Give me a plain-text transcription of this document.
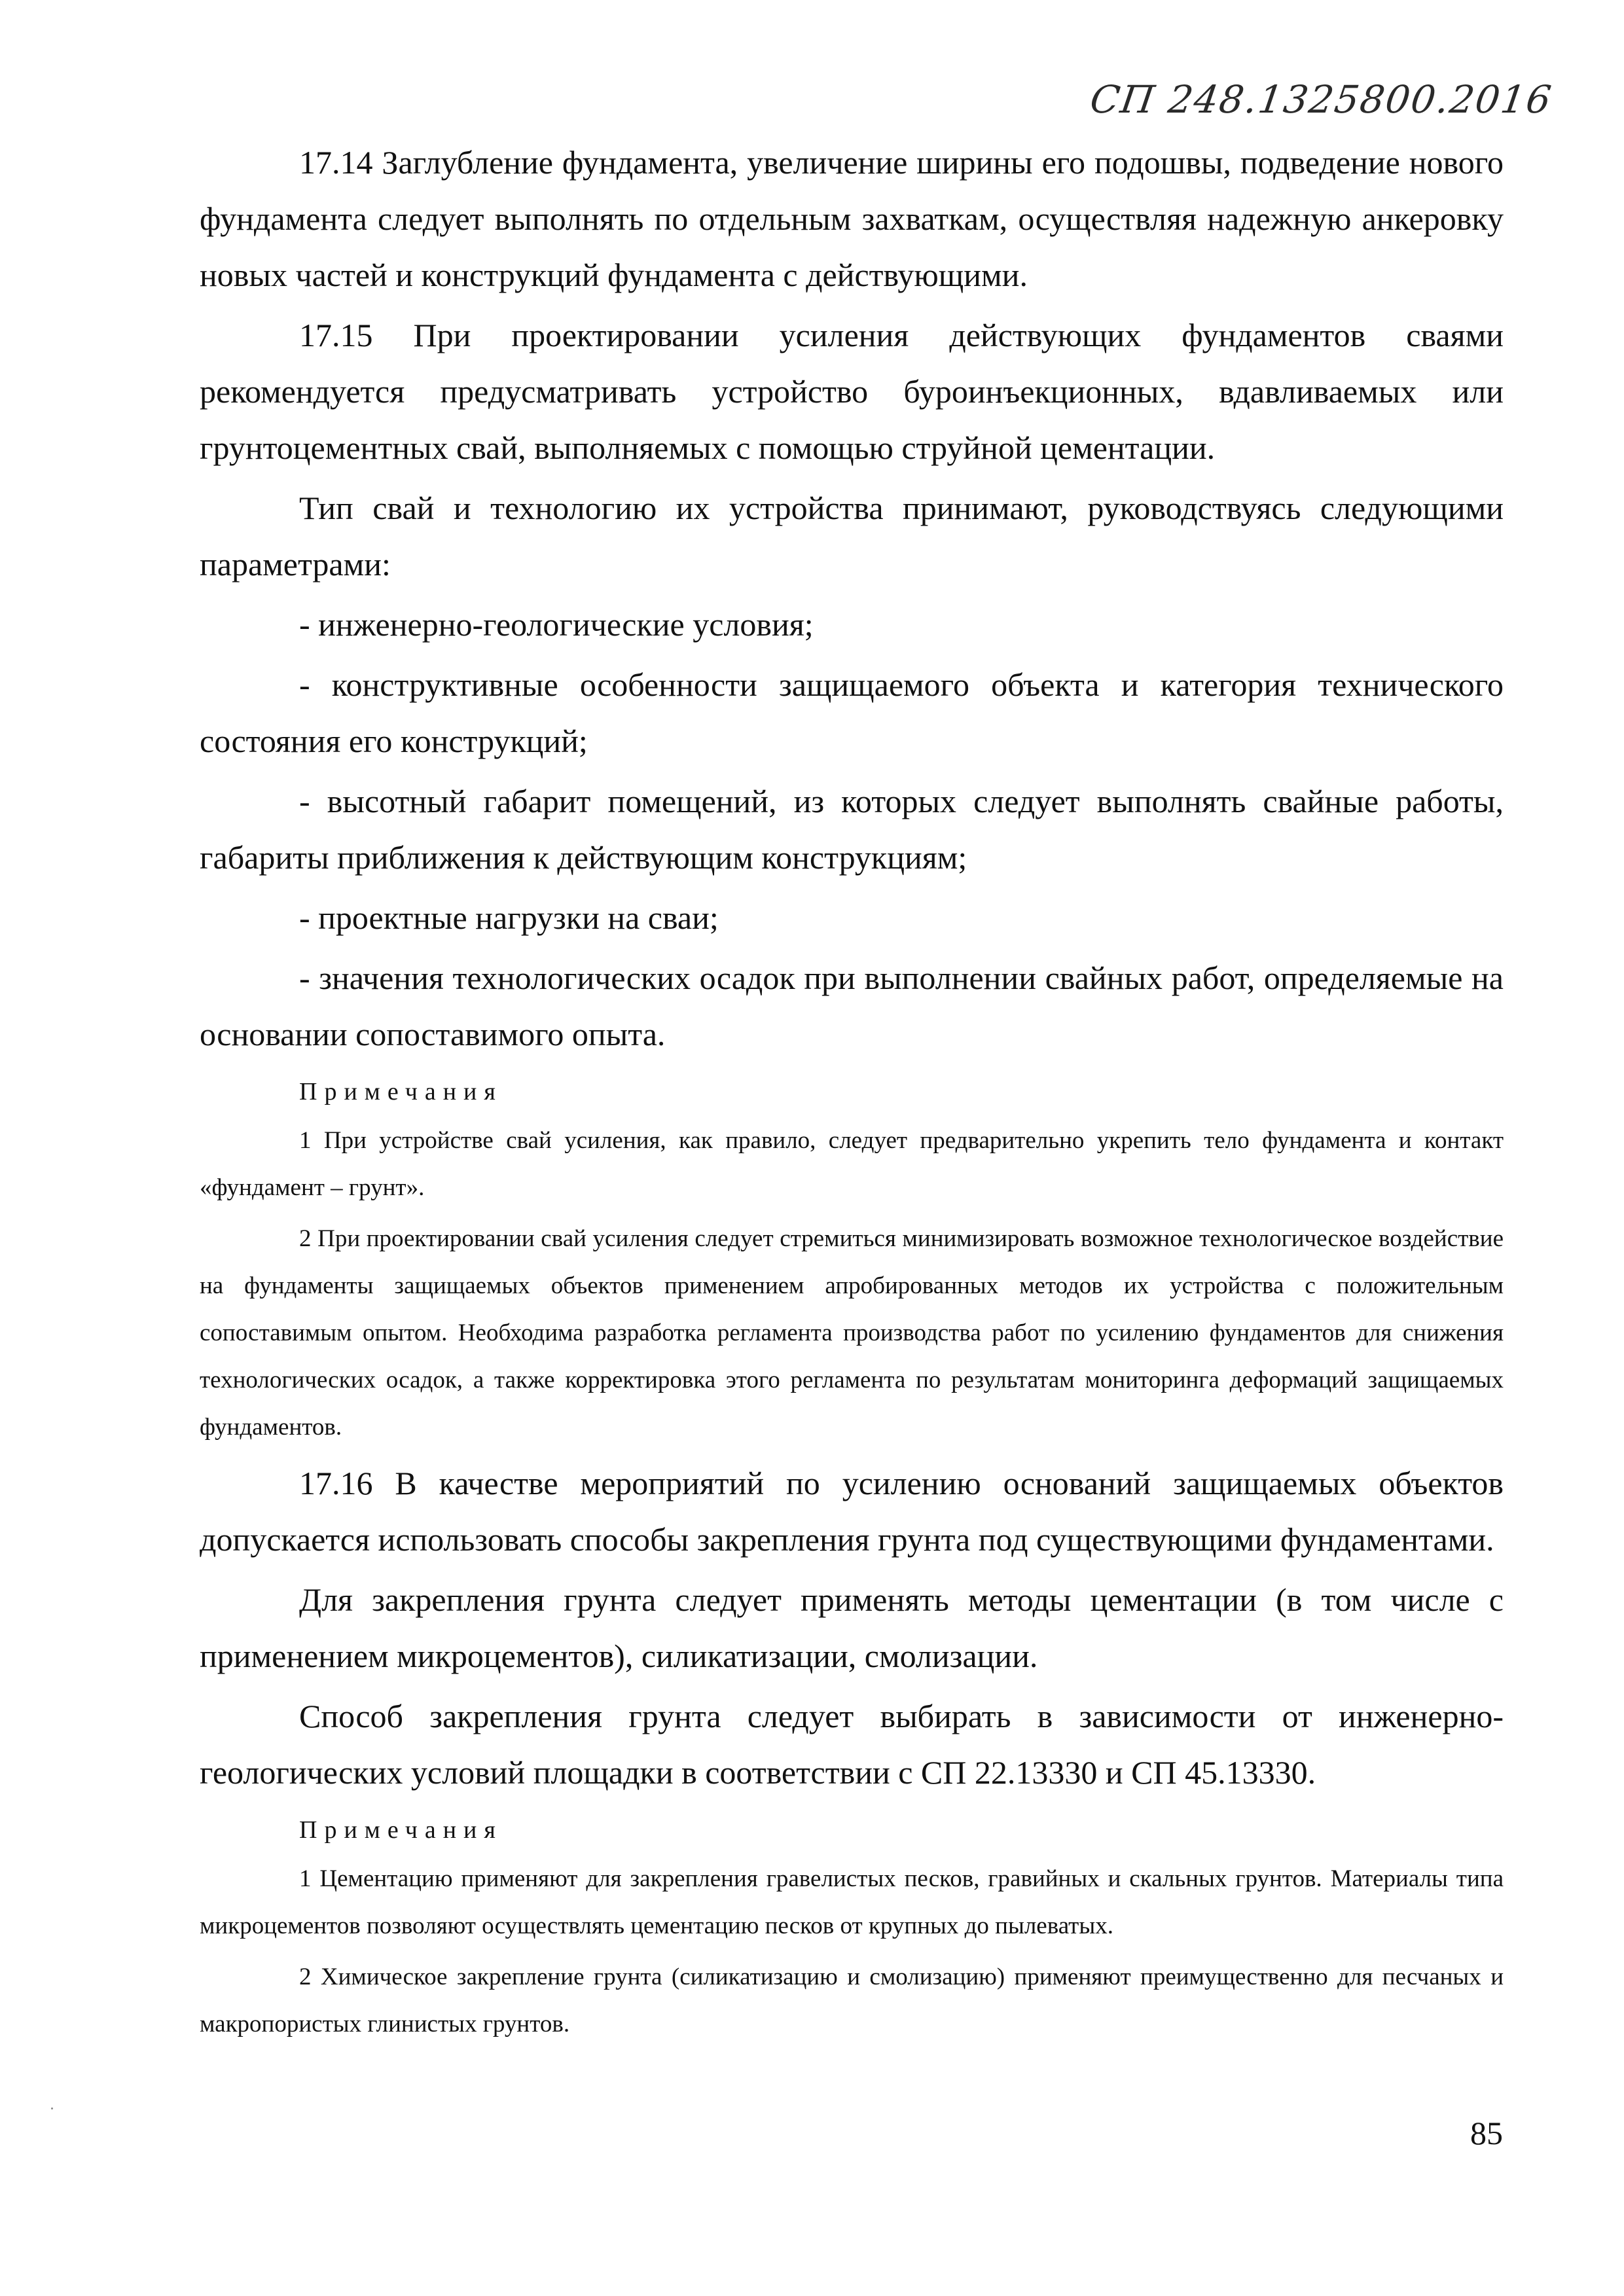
СП 248.1325800.2016

17.14 Заглубление фундамента, увеличение ширины его подошвы, подведение нового фундамента следует выполнять по отдельным захваткам, осуществляя надежную анкеровку новых частей и конструкций фундамента с действующими.

17.15 При проектировании усиления действующих фундаментов сваями рекомендуется предусматривать устройство буроинъекционных, вдавливаемых или грунтоцементных свай, выполняемых с помощью струйной цементации.

Тип свай и технологию их устройства принимают, руководствуясь следующими параметрами:

- инженерно-геологические условия;

- конструктивные особенности защищаемого объекта и категория технического состояния его конструкций;

- высотный габарит помещений, из которых следует выполнять свайные работы, габариты приближения к действующим конструкциям;

- проектные нагрузки на сваи;

- значения технологических осадок при выполнении свайных работ, определяемые на основании сопоставимого опыта.

Примечания

1 При устройстве свай усиления, как правило, следует предварительно укрепить тело фундамента и контакт «фундамент – грунт».

2 При проектировании свай усиления следует стремиться минимизировать возможное технологическое воздействие на фундаменты защищаемых объектов применением апробированных методов их устройства с положительным сопоставимым опытом. Необходима разработка регламента производства работ по усилению фундаментов для снижения технологических осадок, а также корректировка этого регламента по результатам мониторинга деформаций защищаемых фундаментов.

17.16 В качестве мероприятий по усилению оснований защищаемых объектов допускается использовать способы закрепления грунта под существующими фундаментами.

Для закрепления грунта следует применять методы цементации (в том числе с применением микроцементов), силикатизации, смолизации.

Способ закрепления грунта следует выбирать в зависимости от инженерно-геологических условий площадки в соответствии с СП 22.13330 и СП 45.13330.

Примечания

1 Цементацию применяют для закрепления гравелистых песков, гравийных и скальных грунтов. Материалы типа микроцементов позволяют осуществлять цементацию песков от крупных до пылеватых.

2 Химическое закрепление грунта (силикатизацию и смолизацию) применяют преимущественно для песчаных и макропористых глинистых грунтов.

85
